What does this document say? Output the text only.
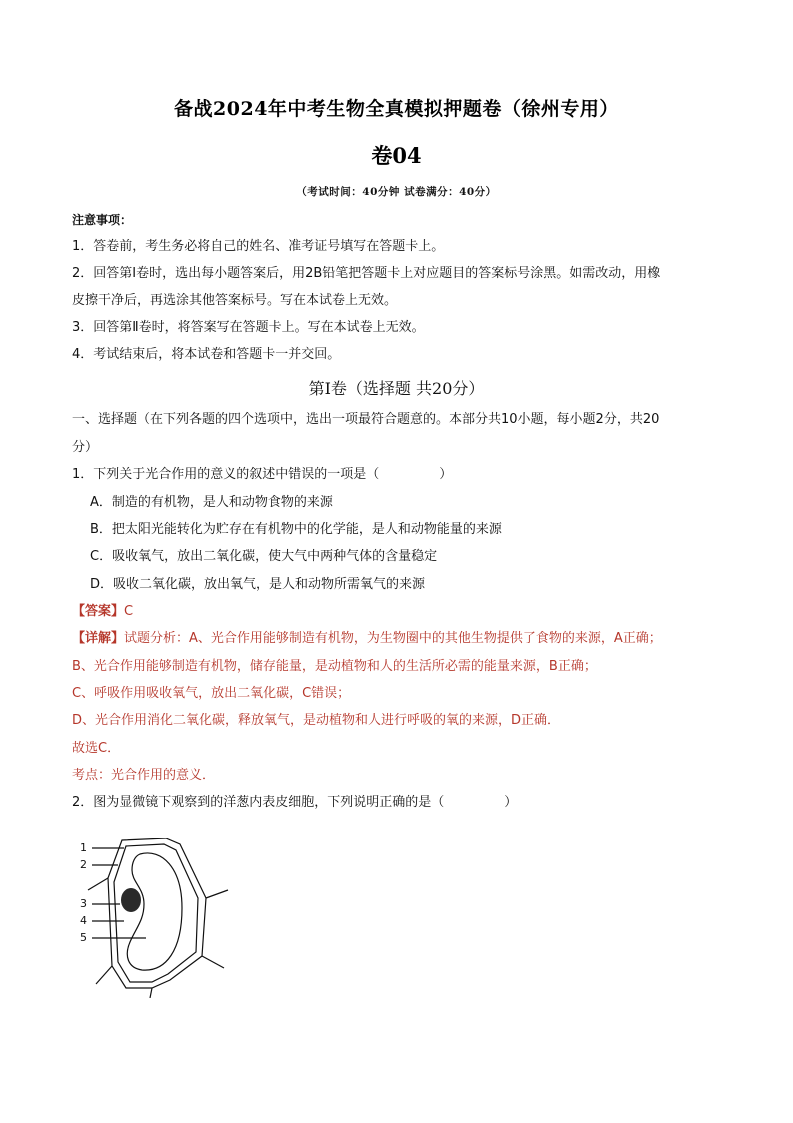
备战2024年中考生物全真模拟押题卷（徐州专用）
卷04
（考试时间：40分钟 试卷满分：40分）
注意事项：
1．答卷前，考生务必将自己的姓名、准考证号填写在答题卡上。
2．回答第Ⅰ卷时，选出每小题答案后，用2B铅笔把答题卡上对应题目的答案标号涂黑。如需改动，用橡
皮擦干净后，再选涂其他答案标号。写在本试卷上无效。
3．回答第Ⅱ卷时，将答案写在答题卡上。写在本试卷上无效。
4．考试结束后，将本试卷和答题卡一并交回。
第Ⅰ卷（选择题 共20分）
一、选择题（在下列各题的四个选项中，选出一项最符合题意的。本部分共10小题，每小题2分，共20
分）
1．下列关于光合作用的意义的叙述中错误的一项是（	）
A．制造的有机物，是人和动物食物的来源
B．把太阳光能转化为贮存在有机物中的化学能，是人和动物能量的来源
C．吸收氧气，放出二氧化碳，使大气中两种气体的含量稳定
D．吸收二氧化碳，放出氧气，是人和动物所需氧气的来源
【答案】C
【详解】试题分析：A、光合作用能够制造有机物，为生物圈中的其他生物提供了食物的来源，A正确；
B、光合作用能够制造有机物，储存能量，是动植物和人的生活所必需的能量来源，B正确；
C、呼吸作用吸收氧气，放出二氧化碳，C错误；
D、光合作用消化二氧化碳，释放氧气，是动植物和人进行呼吸的氧的来源，D正确．
故选C．
考点：光合作用的意义．
2．图为显微镜下观察到的洋葱内表皮细胞，下列说明正确的是（	）
1
2
3
4
5
